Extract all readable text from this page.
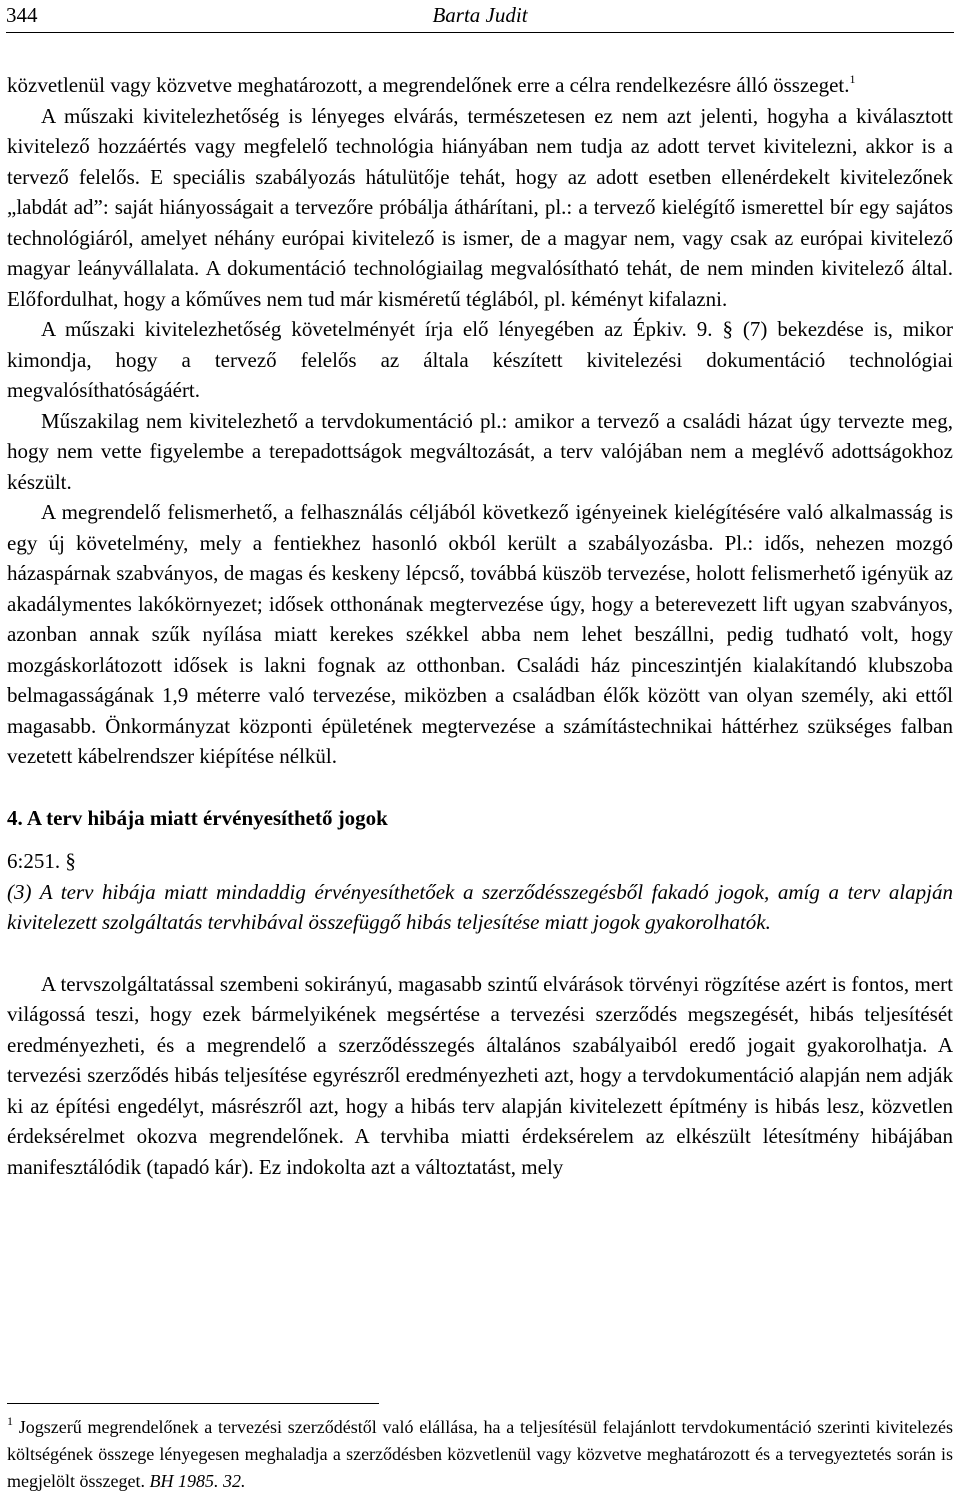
344	Barta Judit

közvetlenül vagy közvetve meghatározott, a megrendelőnek erre a célra rendelkezésre álló összeget.$^1$

A műszaki kivitelezhetőség is lényeges elvárás, természetesen ez nem azt jelenti, hogyha a kiválasztott kivitelező hozzáértés vagy megfelelő technológia hiányában nem tudja az adott tervet kivitelezni, akkor is a tervező felelős. E speciális szabályozás hátulütője tehát, hogy az adott esetben ellenérdekelt kivitelezőnek „labdát ad”: saját hiányosságait a tervezőre próbálja áthárítani, pl.: a tervező kielégítő ismerettel bír egy sajátos technológiáról, amelyet néhány európai kivitelező is ismer, de a magyar nem, vagy csak az európai kivitelező magyar leányvállalata. A dokumentáció technológiailag megvalósítható tehát, de nem minden kivitelező által. Előfordulhat, hogy a kőműves nem tud már kisméretű téglából, pl. kéményt kifalazni.

A műszaki kivitelezhetőség követelményét írja elő lényegében az Épkiv. 9. § (7) bekezdése is, mikor kimondja, hogy a tervező felelős az általa készített kivitelezési dokumentáció technológiai megvalósíthatóságáért.

Műszakilag nem kivitelezhető a tervdokumentáció pl.: amikor a tervező a családi házat úgy tervezte meg, hogy nem vette figyelembe a terepadottságok megváltozását, a terv valójában nem a meglévő adottságokhoz készült.

A megrendelő felismerhető, a felhasználás céljából következő igényeinek kielégítésére való alkalmasság is egy új követelmény, mely a fentiekhez hasonló okból került a szabályozásba. Pl.: idős, nehezen mozgó házaspárnak szabványos, de magas és keskeny lépcső, továbbá küszöb tervezése, holott felismerhető igényük az akadálymentes lakókörnyezet; idősek otthonának megtervezése úgy, hogy a beterevezett lift ugyan szabványos, azonban annak szűk nyílása miatt kerekes székkel abba nem lehet beszállni, pedig tudható volt, hogy mozgáskorlátozott idősek is lakni fognak az otthonban. Családi ház pinceszintjén kialakítandó klubszoba belmagasságának 1,9 méterre való tervezése, miközben a családban élők között van olyan személy, aki ettől magasabb. Önkormányzat központi épületének megtervezése a számítástechnikai háttérhez szükséges falban vezetett kábelrendszer kiépítése nélkül.

4. A terv hibája miatt érvényesíthető jogok

6:251. §

(3) A terv hibája miatt mindaddig érvényesíthetőek a szerződésszegésből fakadó jogok, amíg a terv alapján kivitelezett szolgáltatás tervhibával összefüggő hibás teljesítése miatt jogok gyakorolhatók.

A tervszolgáltatással szembeni sokirányú, magasabb szintű elvárások törvényi rögzítése azért is fontos, mert világossá teszi, hogy ezek bármelyikének megsértése a tervezési szerződés megszegését, hibás teljesítését eredményezheti, és a megrendelő a szerződésszegés általános szabályaiból eredő jogait gyakorolhatja. A tervezési szerződés hibás teljesítése egyrészről eredményezheti azt, hogy a tervdokumentáció alapján nem adják ki az építési engedélyt, másrészről azt, hogy a hibás terv alapján kivitelezett építmény is hibás lesz, közvetlen érdeksérelmet okozva megrendelőnek. A tervhiba miatti érdeksérelem az elkészült létesítmény hibájában manifesztálódik (tapadó kár). Ez indokolta azt a változtatást, mely

$^1$ Jogszerű megrendelőnek a tervezési szerződéstől való elállása, ha a teljesítésül felajánlott tervdokumentáció szerinti kivitelezés költségének összege lényegesen meghaladja a szerződésben közvetlenül vagy közvetve meghatározott és a tervegyeztetés során is megjelölt összeget. BH 1985. 32.
